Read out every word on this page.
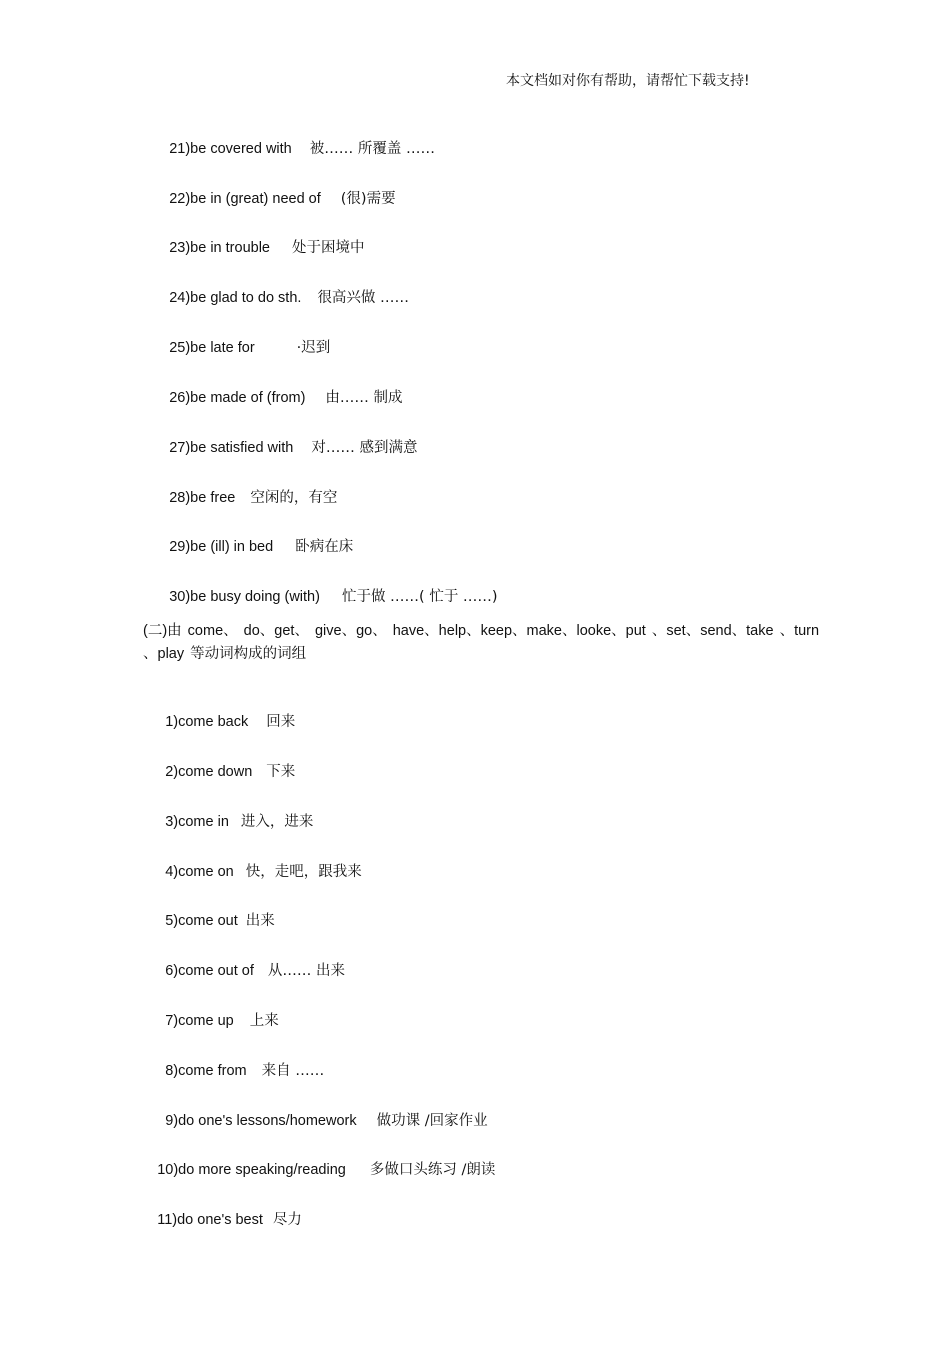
本文档如对你有帮助，请帮忙下载支持!

21)be covered with 被…… 所覆盖 ……

22)be in (great) need of (很)需要

23)be in trouble 处于困境中

24)be glad to do sth. 很高兴做 ……

25)be late for	·迟到

26)be made of (from) 由…… 制成

27)be satisfied with 对…… 感到满意

28)be free 空闲的，有空

29)be (ill) in bed 卧病在床

30)be busy doing (with) 忙于做 ……( 忙于 ……)

(二)由 come、 do、get、 give、go、 have、help、keep、make、looke、put 、set、send、take 、turn 、play 等动词构成的词组

1)come back 回来

2)come down 下来

3)come in 进入，进来

4)come on 快，走吧，跟我来

5)come out 出来

6)come out of 从…… 出来

7)come up 上来

8)come from 来自 ……

9)do one's lessons/homework 做功课 /回家作业

10)do more speaking/reading 多做口头练习 /朗读

11)do one's best 尽力
